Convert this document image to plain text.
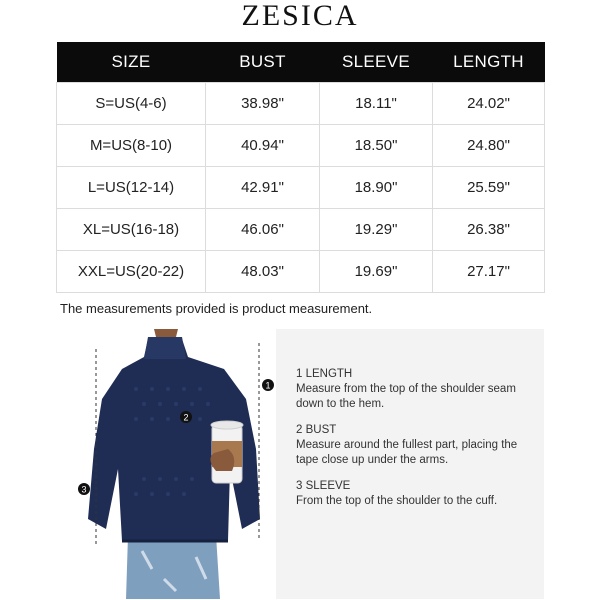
ZESICA
SIZE	BUST	SLEEVE	LENGTH
S=US(4-6)	38.98"	18.11"	24.02"
M=US(8-10)	40.94"	18.50"	24.80"
L=US(12-14)	42.91"	18.90"	25.59"
XL=US(16-18)	46.06"	19.29"	26.38"
XXL=US(20-22)	48.03"	19.69"	27.17"
The measurements provided is product measurement.
1
2
3
1 LENGTH
Measure from the top of the shoulder seam down to the hem.
2 BUST
Measure around the fullest part, placing the tape close up under the arms.
3 SLEEVE
From the top of the shoulder to the cuff.
